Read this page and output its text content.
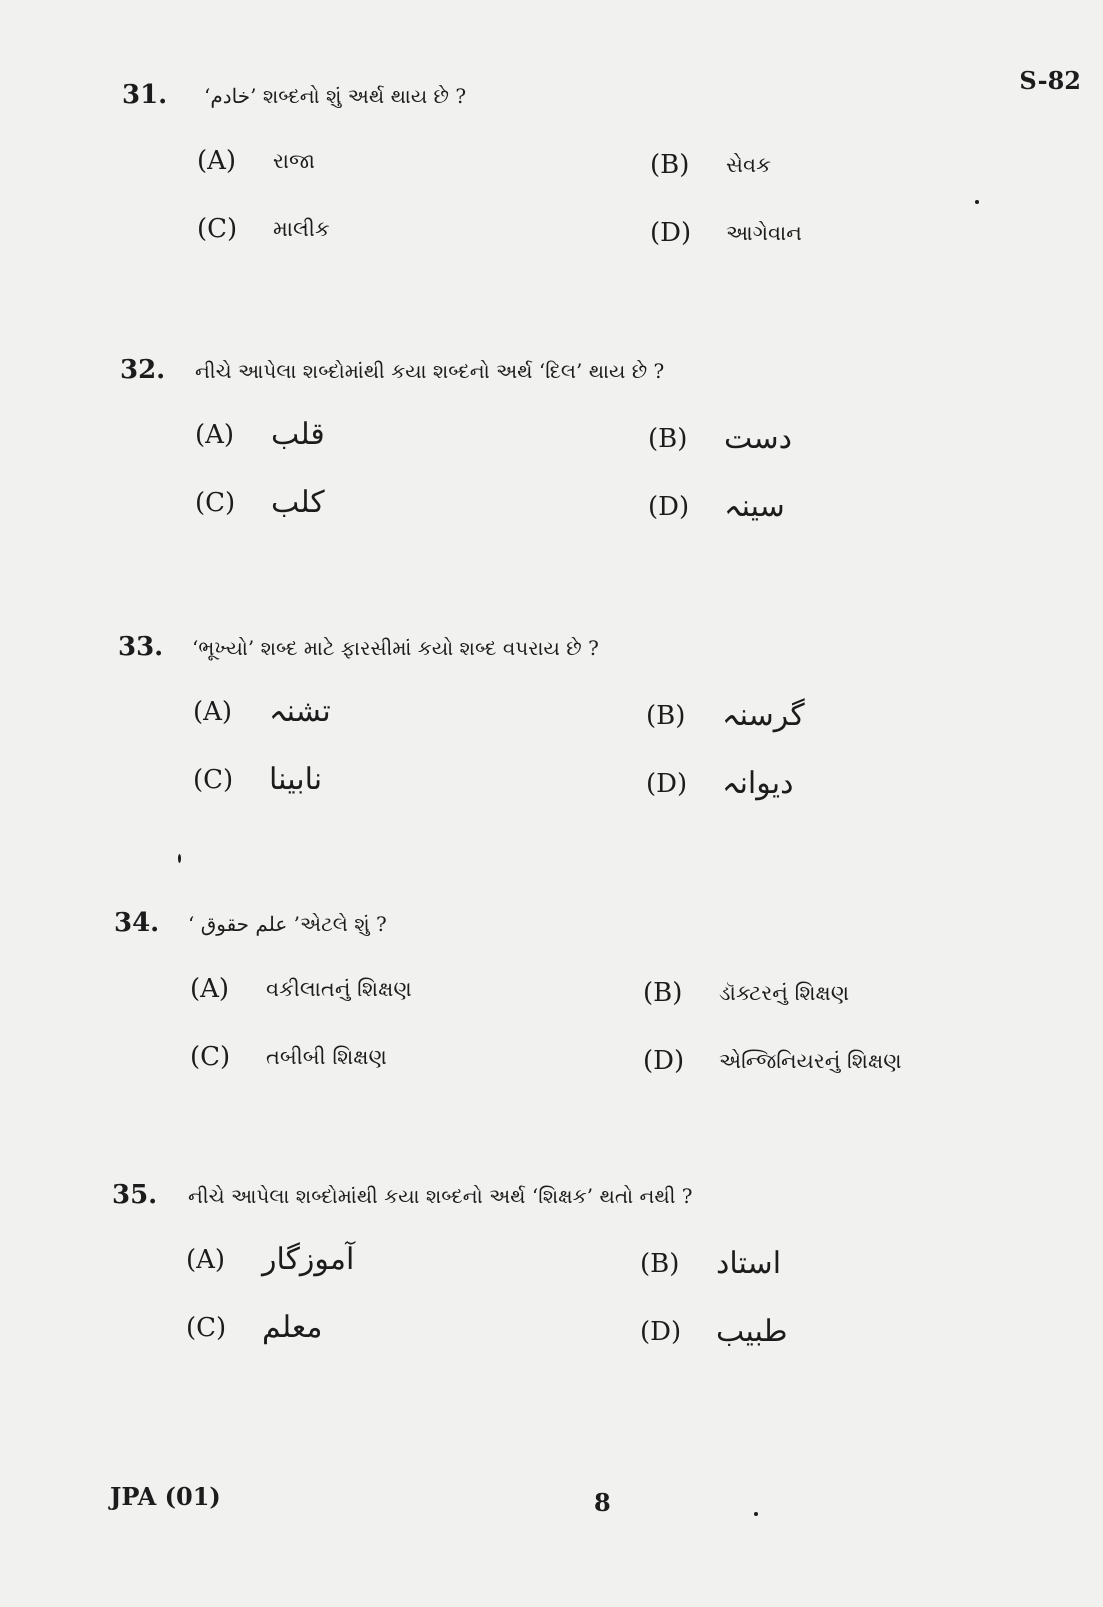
S-82
31. ‘خادم’ શબ્દનો શું અર્થ થાય છે ?
(A) રાજા	(B) સેવક
(C) માલીક	(D) આગેવાન
32. નીચે આપેલા શબ્દોમાંથી કયા શબ્દનો અર્થ ‘દિલ’ થાય છે ?
(A) قلب	(B) دست
(C) کلب	(D) سینہ
33. ‘ભૂખ્યો’ શબ્દ માટે ફારસીમાં કયો શબ્દ વપરાય છે ?
(A) تشنہ	(B) گرسنہ
(C) نابینا	(D) دیوانہ
34. ‘ علم حقوق ’એટલે શું ?
(A) વકીલાતનું શિક્ષણ	(B) ડૉક્ટરનું શિક્ષણ
(C) તબીબી શિક્ષણ	(D) એન્જિનિયરનું શિક્ષણ
35. નીચે આપેલા શબ્દોમાંથી કયા શબ્દનો અર્થ ‘શિક્ષક’ થતો નથી ?
(A) آموزگار	(B) استاد
(C) معلم	(D) طبیب
JPA (01)	8
